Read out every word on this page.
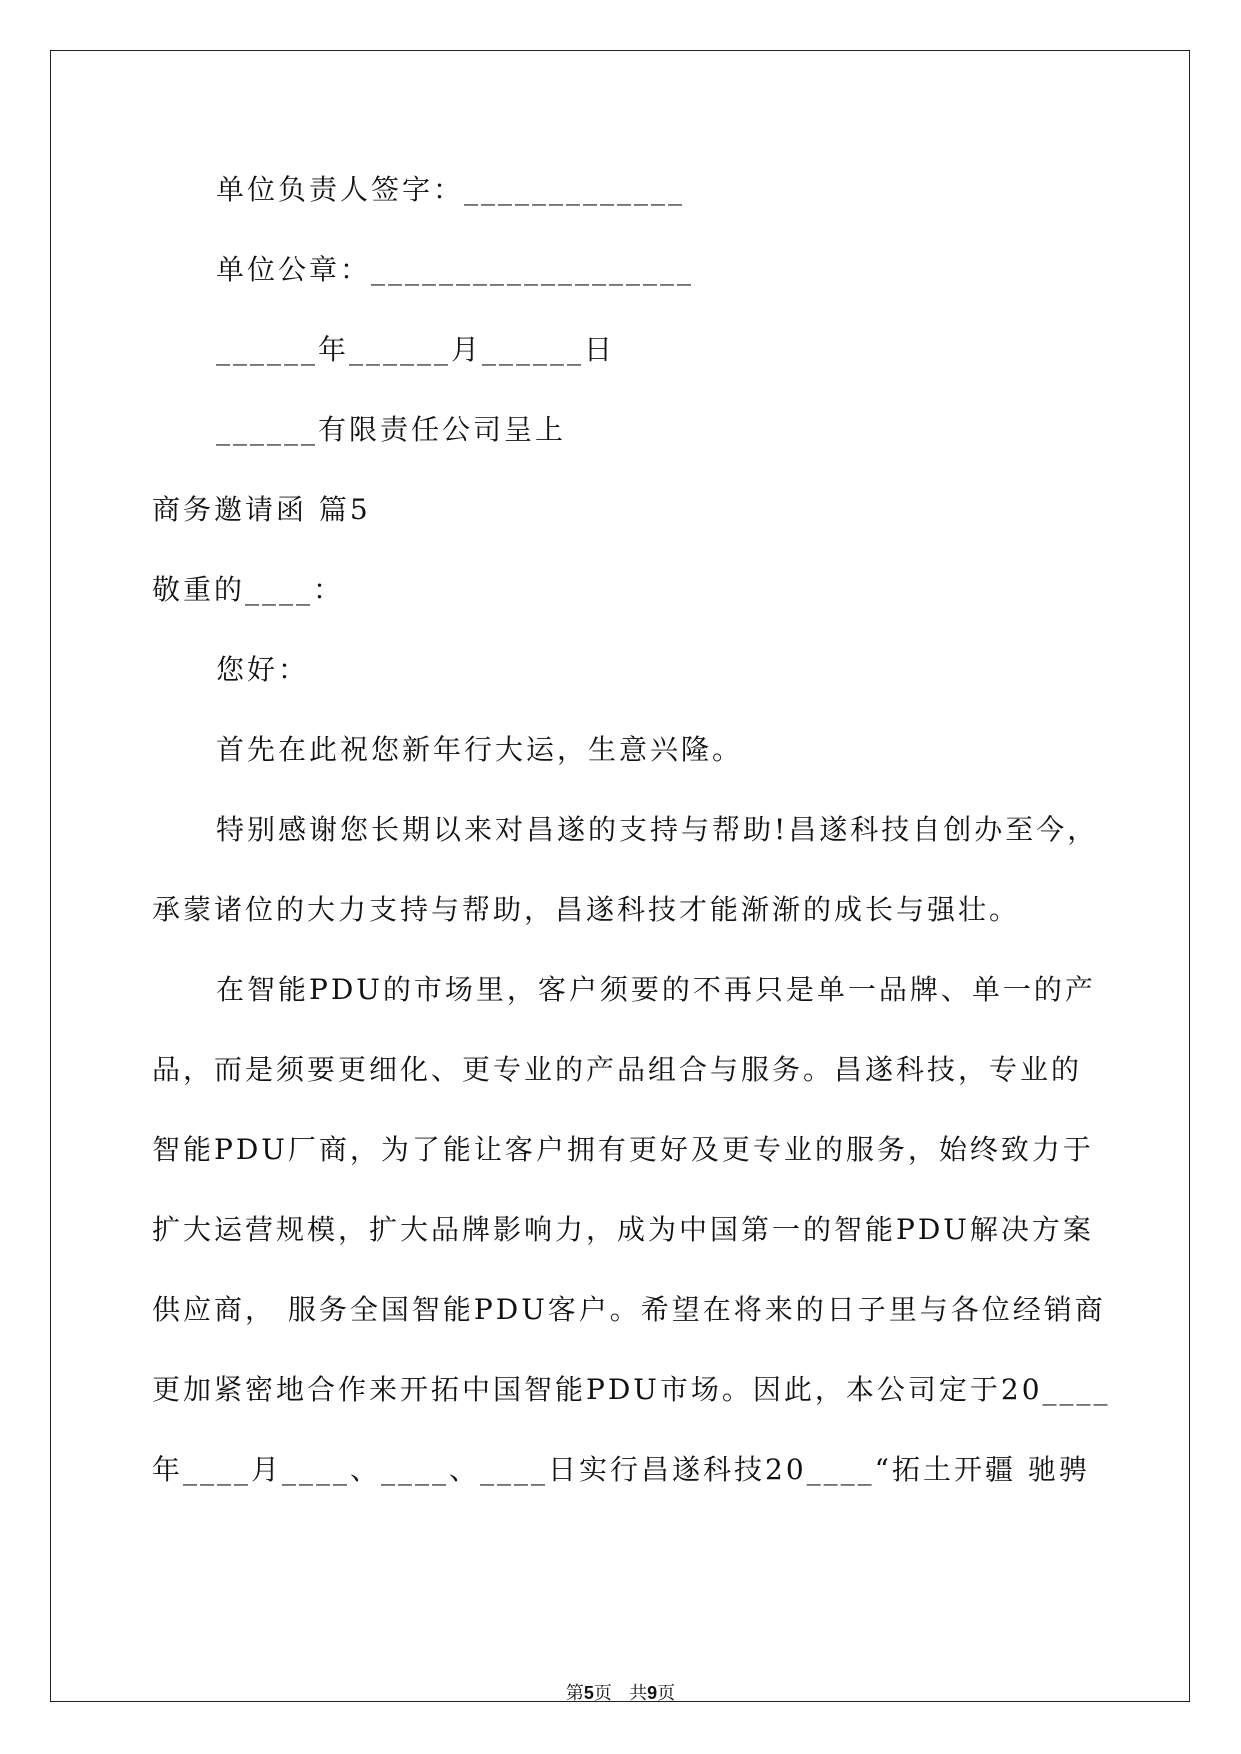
单位负责人签字：_____________
单位公章：___________________
______年______月______日
______有限责任公司呈上
商务邀请函 篇5
敬重的____：
您好：
首先在此祝您新年行大运，生意兴隆。
特别感谢您长期以来对昌遂的支持与帮助!昌遂科技自创办至今，
承蒙诸位的大力支持与帮助，昌遂科技才能渐渐的成长与强壮。
在智能PDU的市场里，客户须要的不再只是单一品牌、单一的产
品，而是须要更细化、更专业的产品组合与服务。昌遂科技，专业的
智能PDU厂商，为了能让客户拥有更好及更专业的服务，始终致力于
扩大运营规模，扩大品牌影响力，成为中国第一的智能PDU解决方案
供应商， 服务全国智能PDU客户。希望在将来的日子里与各位经销商
更加紧密地合作来开拓中国智能PDU市场。因此，本公司定于20____
年____月____、____、____日实行昌遂科技20____“拓土开疆 驰骋
第5页 共9页
